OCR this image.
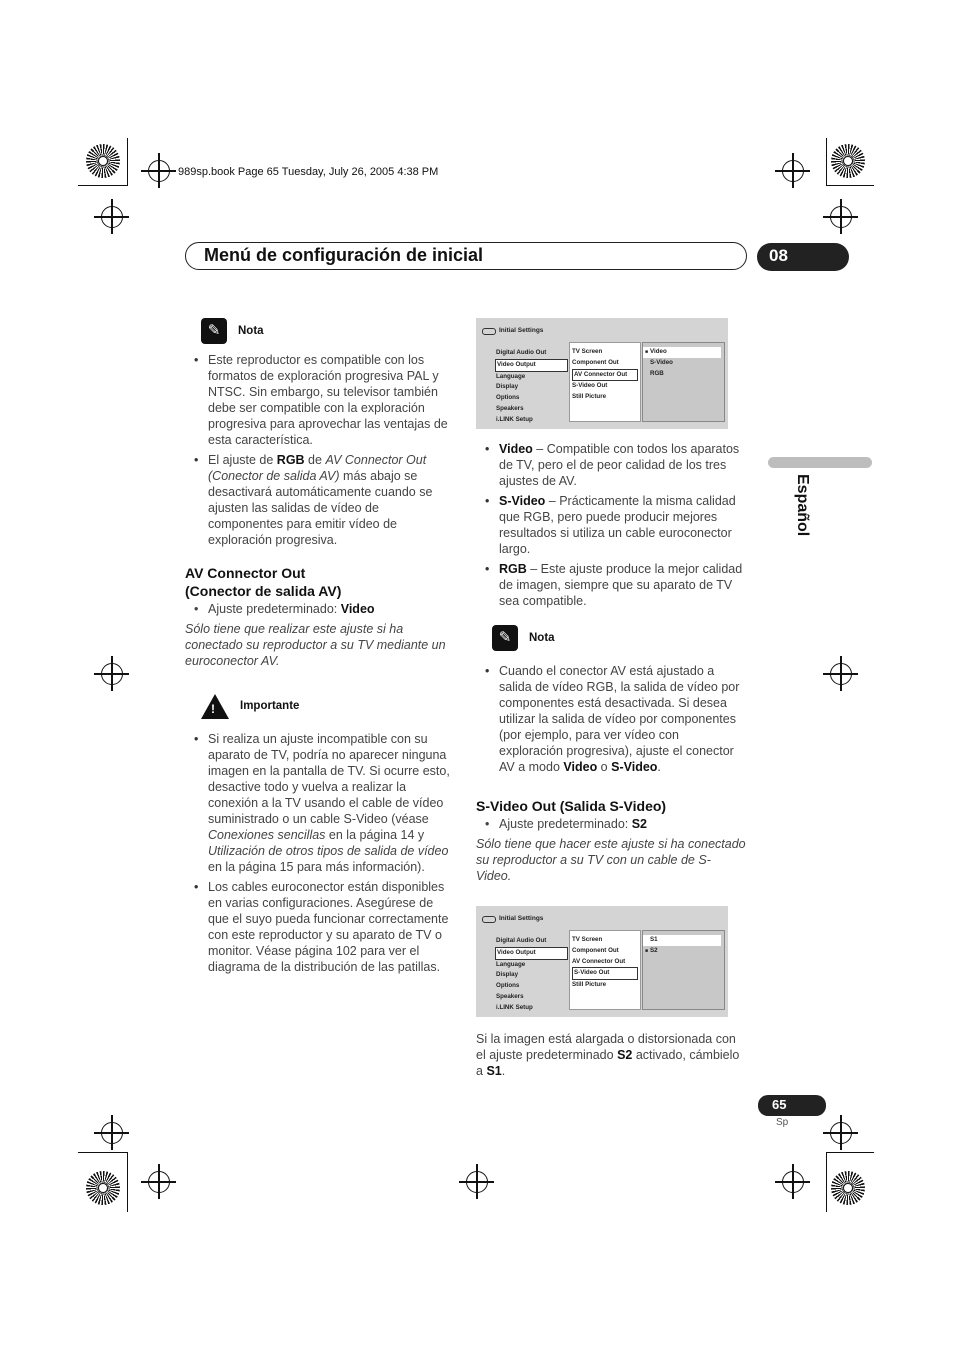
989sp.book Page 65 Tuesday, July 26, 2005 4:38 PM
Menú de configuración de inicial	08
Español
✎	Nota
• Este reproductor es compatible con los formatos de exploración progresiva PAL y NTSC. Sin embargo, su televisor también debe ser compatible con la exploración progresiva para aprovechar las ventajas de esta característica.
• El ajuste de RGB de AV Connector Out (Conector de salida AV) más abajo se desactivará automáticamente cuando se ajusten las salidas de vídeo de componentes para emitir vídeo de exploración progresiva.
AV Connector Out
(Conector de salida AV)
• Ajuste predeterminado: Video
Sólo tiene que realizar este ajuste si ha conectado su reproductor a su TV mediante un euroconector AV.
! Importante
• Si realiza un ajuste incompatible con su aparato de TV, podría no aparecer ninguna imagen en la pantalla de TV. Si ocurre esto, desactive todo y vuelva a realizar la conexión a la TV usando el cable de vídeo suministrado o un cable S-Video (véase Conexiones sencillas en la página 14 y Utilización de otros tipos de salida de vídeo en la página 15 para más información).
• Los cables euroconector están disponibles en varias configuraciones. Asegúrese de que el suyo pueda funcionar correctamente con este reproductor y su aparato de TV o monitor. Véase página 102 para ver el diagrama de la distribución de las patillas.
Initial Settings
Digital Audio Out
Video Output
Language
Display
Options
Speakers
i.LINK Setup
TV Screen
Component Out
AV Connector Out
S-Video Out
Still Picture
■ Video
S-Video
RGB
• Video – Compatible con todos los aparatos de TV, pero el de peor calidad de los tres ajustes de AV.
• S-Video – Prácticamente la misma calidad que RGB, pero puede producir mejores resultados si utiliza un cable euroconector largo.
• RGB – Este ajuste produce la mejor calidad de imagen, siempre que su aparato de TV sea compatible.
✎	Nota
• Cuando el conector AV está ajustado a salida de vídeo RGB, la salida de vídeo por componentes está desactivada. Si desea utilizar la salida de vídeo por componentes (por ejemplo, para ver vídeo con exploración progresiva), ajuste el conector AV a modo Video o S-Video.
S-Video Out (Salida S-Video)
• Ajuste predeterminado: S2
Sólo tiene que hacer este ajuste si ha conectado su reproductor a su TV con un cable de S-Video.
Initial Settings
Digital Audio Out
Video Output
Language
Display
Options
Speakers
i.LINK Setup
TV Screen
Component Out
AV Connector Out
S-Video Out
Still Picture
S1
■ S2
Si la imagen está alargada o distorsionada con el ajuste predeterminado S2 activado, cámbielo a S1.
65
Sp
